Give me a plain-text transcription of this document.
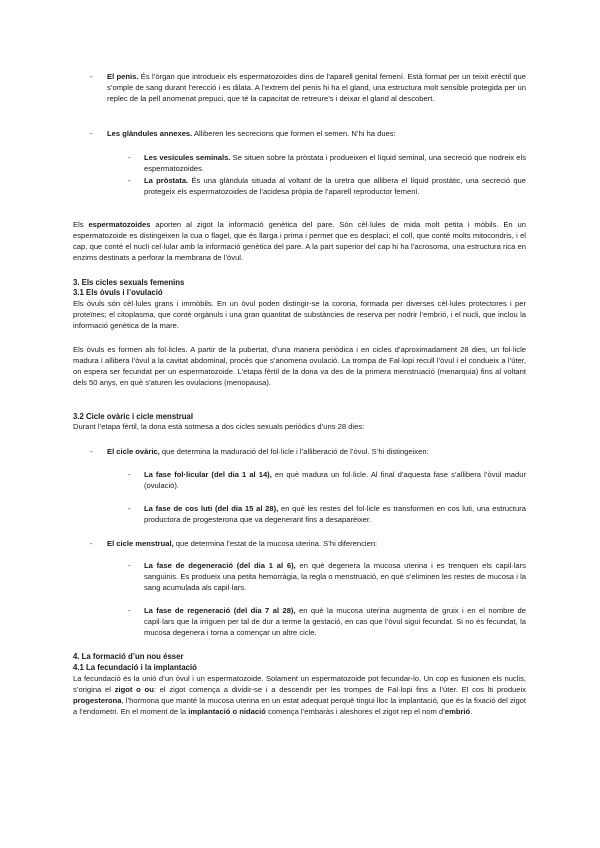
-	El penis. És l’òrgan que introdueix els espermatozoides dins de l’aparell genital femení. Està format per un teixit erèctil que s’omple de sang durant l’erecció i es dilata. A l’extrem del penis hi ha el gland, una estructura molt sensible protegida per un replec de la pell anomenat prepuci, que té la capacitat de retreure’s i deixar el gland al descobert.

-	Les glàndules annexes. Alliberen les secrecions que formen el semen. N’hi ha dues:

-	Les vesícules seminals. Se situen sobre la pròstata i produeixen el líquid seminal, una secreció que nodreix els espermatozoides.

-	La pròstata. És una glàndula situada al voltant de la uretra que allibera el líquid prostàtic, una secreció que protegeix els espermatozoides de l’acidesa pròpia de l’aparell reproductor femení.

Els espermatozoides aporten al zigot la informació genètica del pare. Són cèl·lules de mida molt petita i mòbils. En un espermatozoide es distingeixen la cua o flagel, que és llarga i prima i permet que es desplaci; el coll, que conté molts mitocondris, i el cap, que conté el nucli cel·lular amb la informació genètica del pare. A la part superior del cap hi ha l’acrosoma, una estructura rica en enzims destinats a perforar la membrana de l’òvul.

3. Els cicles sexuals femenins

3.1 Els òvuls i l’ovulació

Els òvuls són cèl·lules grans i immòbils. En un òvul poden distingir-se la corona, formada per diverses cèl·lules protectores i per proteïnes; el citoplasma, que conté orgànuls i una gran quantitat de substàncies de reserva per nodrir l’embrió, i el nucli, que inclou la informació genètica de la mare.

Els òvuls es formen als fol·licles. A partir de la pubertat, d’una manera periòdica i en cicles d’aproximadament 28 dies, un fol·licle madura i allibera l’òvul a la cavitat abdominal, procés que s’anomena ovulació. La trompa de Fal·lopi recull l’òvul i el condueix a l’úter, on espera ser fecundat per un espermatozoide. L’etapa fèrtil de la dona va des de la primera menstruació (menarquia) fins al voltant dels 50 anys, en què s’aturen les ovulacions (menopausa).

3.2 Cicle ovàric i cicle menstrual

Durant l’etapa fèrtil, la dona està sotmesa a dos cicles sexuals periòdics d’uns 28 dies:

-	El cicle ovàric, que determina la maduració del fol·licle i l’alliberació de l’òvul. S’hi distingeixen:

-	La fase fol·licular (del dia 1 al 14), en què madura un fol·licle. Al final d’aquesta fase s’allibera l’òvul madur (ovulació).

-	La fase de cos luti (del dia 15 al 28), en què les restes del fol·licle es transformen en cos luti, una estructura productora de progesterona que va degenerant fins a desaparèixer.

-	El cicle menstrual, que determina l’estat de la mucosa uterina. S’hi diferencien:

-	La fase de degeneració (del dia 1 al 6), en què degenera la mucosa uterina i es trenquen els capil·lars sanguinis. Es produeix una petita hemorràgia, la regla o menstruació, en què s’eliminen les restes de mucosa i la sang acumulada als capil·lars.

-	La fase de regeneració (del dia 7 al 28), en què la mucosa uterina augmenta de gruix i en el nombre de capil·lars que la irriguen per tal de dur a terme la gestació, en cas que l’òvul sigui fecundat. Si no és fecundat, la mucosa degenera i torna a començar un altre cicle.

4. La formació d’un nou ésser

4.1 La fecundació i la implantació

La fecundació és la unió d’un òvul i un espermatozoide. Solament un espermatozoide pot fecundar-lo. Un cop es fusionen els nuclis, s’origina el zigot o ou: el zigot comença a dividir-se i a descendir per les trompes de Fal·lopi fins a l’úter. El cos lti produeix progesterona, l’hormona que manté la mucosa uterina en un estat adequat perquè tingui lloc la implantació, que és la fixació del zigot a l’endometri. En el moment de la implantació o nidació comença l’embaràs i aleshores el zigot rep el nom d’embrió.
